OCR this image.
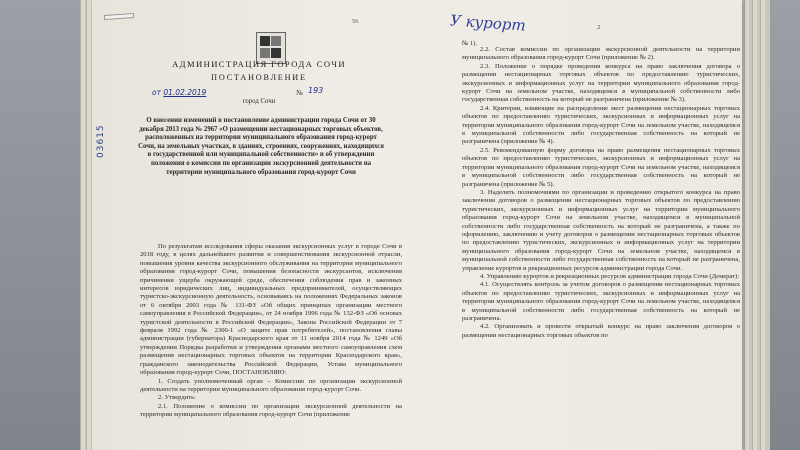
У курорт
56
2
03615
АДМИНИСТРАЦИЯ ГОРОДА СОЧИ
ПОСТАНОВЛЕНИЕ
от 01.02.2019	№ 193
город Сочи
О внесении изменений в постановление администрации города Сочи от 30 декабря 2013 года № 2967 «О размещении нестационарных торговых объектов, расположенных на территории муниципального образования город-курорт Сочи, на земельных участках, в зданиях, строениях, сооружениях, находящихся в государственной или муниципальной собственности» и об утверждении положения о комиссии по организации экскурсионной деятельности на территории муниципального образования город-курорт Сочи

По результатам исследования сферы оказания экскурсионных услуг в городе Сочи в 2018 году, в целях дальнейшего развития и совершенствования экскурсионной отрасли, повышения уровня качества экскурсионного обслуживания на территории муниципального образования город-курорт Сочи, повышения безопасности экскурсантов, исключения причинения ущерба окружающей среде, обеспечения соблюдения прав и законных интересов юридических лиц, индивидуальных предпринимателей, осуществляющих туристско-экскурсионную деятельность, основываясь на положениях Федеральных законов от 6 октября 2003 года № 131-ФЗ «Об общих принципах организации местного самоуправления в Российской Федерации», от 24 ноября 1996 года № 132-ФЗ «Об основах туристской деятельности в Российской Федерации», Закона Российской Федерации от 7 февраля 1992 года № 2300-1 «О защите прав потребителей», постановления главы администрации (губернатора) Краснодарского края от 11 ноября 2014 года № 1249 «Об утверждении Порядка разработки и утверждения органами местного самоуправления схем размещения нестационарных торговых объектов на территории Краснодарского края», гражданского законодательства Российской Федерации, Устава муниципального образования город-курорт Сочи, ПОСТАНОВЛЯЮ:

1. Создать уполномоченный орган – Комиссию по организации экскурсионной деятельности на территории муниципального образования город-курорт Сочи.

2. Утвердить:

2.1. Положение о комиссии по организации экскурсионной деятельности на территории муниципального образования город-курорт Сочи (приложение

№ 1).

2.2. Состав комиссии по организации экскурсионной деятельности на территории муниципального образования город-курорт Сочи (приложение № 2).

2.3. Положение о порядке проведения конкурса на право заключения договора о размещении нестационарных торговых объектов по предоставлению туристических, экскурсионных и информационных услуг на территории муниципального образования город-курорт Сочи на земельном участке, находящемся в муниципальной собственности либо государственная собственность на который не разграничена (приложение № 3).

2.4. Критерии, влияющие на распределение мест размещения нестационарных торговых объектов по предоставлению туристических, экскурсионных и информационных услуг на территории муниципального образования город-курорт Сочи на земельном участке, находящемся в муниципальной собственности либо государственная собственность на который не разграничена (приложение № 4).

2.5. Рекомендованную форму договора на право размещения нестационарных торговых объектов по предоставлению туристических, экскурсионных и информационных услуг на территории муниципального образования город-курорт Сочи на земельном участке, находящемся в муниципальной собственности либо государственная собственность на который не разграничена (приложение № 5).

3. Наделить полномочиями по организации и проведению открытого конкурса на право заключения договоров о размещении нестационарных торговых объектов по предоставлению туристических, экскурсионных и информационных услуг на территории муниципального образования город-курорт Сочи на земельном участке, находящемся в муниципальной собственности либо государственная собственность на который не разграничена, а также по оформлению, заключению и учету договоров о размещении нестационарных торговых объектов по предоставлению туристических, экскурсионных и информационных услуг на территории муниципального образования город-курорт Сочи на земельном участке, находящемся в муниципальной собственности либо государственная собственность на который не разграничена, управление курортов и рекреационных ресурсов администрации города Сочи.

4. Управлению курортов и рекреационных ресурсов администрации города Сочи (Демерат):

4.1. Осуществлять контроль за учетом договоров о размещении нестационарных торговых объектов по предоставлению туристических, экскурсионных и информационных услуг на территории муниципального образования город-курорт Сочи на земельном участке, находящемся в муниципальной собственности либо государственная собственность на который не разграничена.

4.2. Организовать и провести открытый конкурс на право заключения договоров о размещении нестационарных торговых объектов по
